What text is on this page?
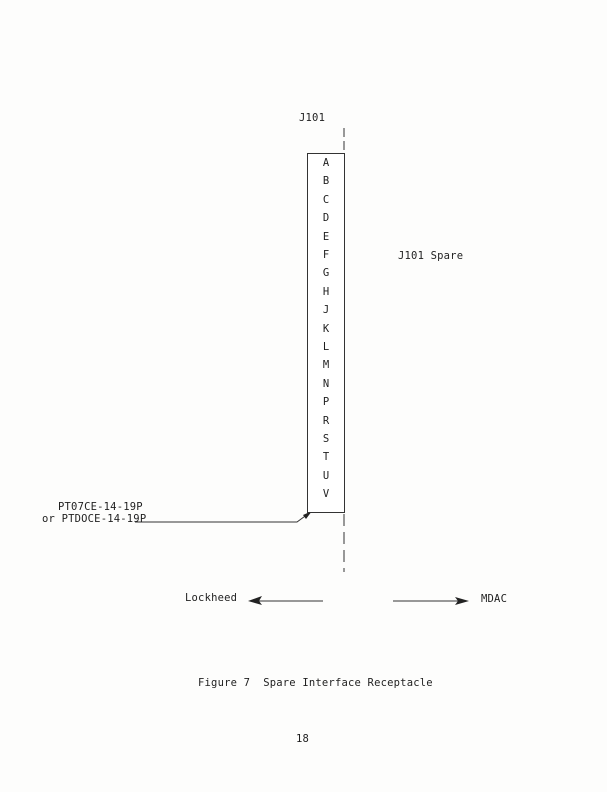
J101
A
B
C
D
E
F
G
H
J
K
L
M
N
P
R
S
T
U
V
J101 Spare
PT07CE-14-19P
or PTDOCE-14-19P
Lockheed	MDAC
Figure 7  Spare Interface Receptacle
18
